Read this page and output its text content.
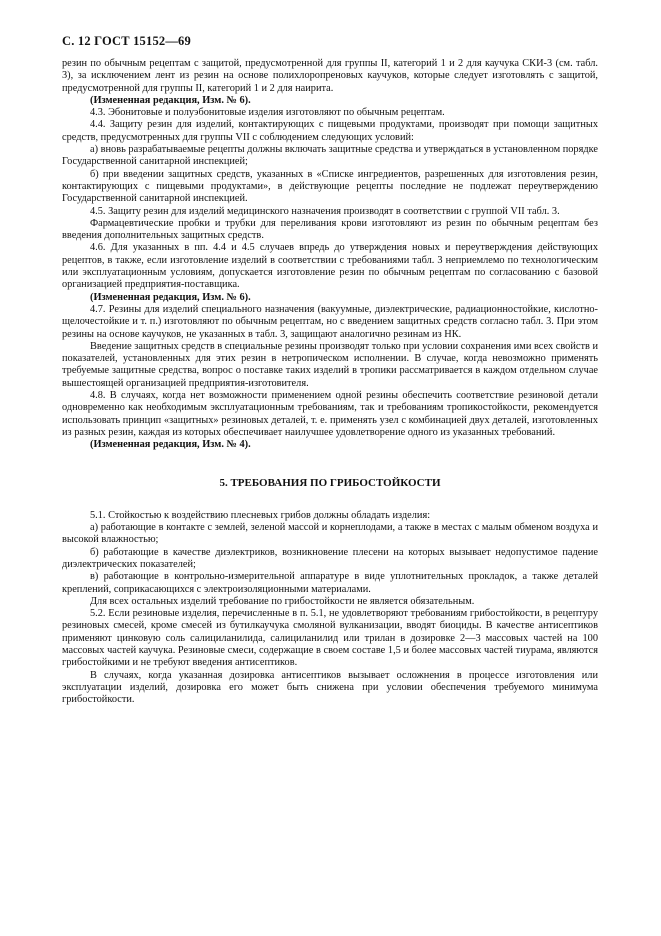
С. 12 ГОСТ 15152—69

резин по обычным рецептам с защитой, предусмотренной для группы II, категорий 1 и 2 для каучука СКИ-3 (см. табл. 3), за исключением лент из резин на основе полихлоропреновых каучуков, которые следует изготовлять с защитой, предусмотренной для группы II, категорий 1 и 2 для наирита.

(Измененная редакция, Изм. № 6).

4.3. Эбонитовые и полуэбонитовые изделия изготовляют по обычным рецептам.

4.4. Защиту резин для изделий, контактирующих с пищевыми продуктами, производят при помощи защитных средств, предусмотренных для группы VII с соблюдением следующих условий:

а) вновь разрабатываемые рецепты должны включать защитные средства и утверждаться в установленном порядке Государственной санитарной инспекцией;

б) при введении защитных средств, указанных в «Списке ингредиентов, разрешенных для изготовления резин, контактирующих с пищевыми продуктами», в действующие рецепты последние не подлежат переутверждению Государственной санитарной инспекцией.

4.5. Защиту резин для изделий медицинского назначения производят в соответствии с группой VII табл. 3.

Фармацевтические пробки и трубки для переливания крови изготовляют из резин по обычным рецептам без введения дополнительных защитных средств.

4.6. Для указанных в пп. 4.4 и 4.5 случаев впредь до утверждения новых и переутверждения действующих рецептов, в также, если изготовление изделий в соответствии с требованиями табл. 3 неприемлемо по технологическим или эксплуатационным условиям, допускается изготовление резин по обычным рецептам по согласованию с базовой организацией предприятия-поставщика.

(Измененная редакция, Изм. № 6).

4.7. Резины для изделий специального назначения (вакуумные, диэлектрические, радиационностойкие, кислотно-щелочестойкие и т. п.) изготовляют по обычным рецептам, но с введением защитных средств согласно табл. 3. При этом резины на основе каучуков, не указанных в табл. 3, защищают аналогично резинам из НК.

Введение защитных средств в специальные резины производят только при условии сохранения ими всех свойств и показателей, установленных для этих резин в нетропическом исполнении. В случае, когда невозможно применять требуемые защитные средства, вопрос о поставке таких изделий в тропики рассматривается в каждом отдельном случае вышестоящей организацией предприятия-изготовителя.

4.8. В случаях, когда нет возможности применением одной резины обеспечить соответствие резиновой детали одновременно как необходимым эксплуатационным требованиям, так и требованиям тропикостойкости, рекомендуется использовать принцип «защитных» резиновых деталей, т. е. применять узел с комбинацией двух деталей, изготовленных из разных резин, каждая из которых обеспечивает наилучшее удовлетворение одного из указанных требований.

(Измененная редакция, Изм. № 4).

5. ТРЕБОВАНИЯ ПО ГРИБОСТОЙКОСТИ

5.1. Стойкостью к воздействию плесневых грибов должны обладать изделия:

а) работающие в контакте с землей, зеленой массой и корнеплодами, а также в местах с малым обменом воздуха и высокой влажностью;

б) работающие в качестве диэлектриков, возникновение плесени на которых вызывает недопустимое падение диэлектрических показателей;

в) работающие в контрольно-измерительной аппаратуре в виде уплотнительных прокладок, а также деталей креплений, соприкасающихся с электроизоляционными материалами.

Для всех остальных изделий требование по грибостойкости не является обязательным.

5.2. Если резиновые изделия, перечисленные в п. 5.1, не удовлетворяют требованиям грибостойкости, в рецептуру резиновых смесей, кроме смесей из бутилкаучука смоляной вулканизации, вводят биоциды. В качестве антисептиков применяют цинковую соль салициланилида, салициланилид или трилан в дозировке 2—3 массовых частей на 100 массовых частей каучука. Резиновые смеси, содержащие в своем составе 1,5 и более массовых частей тиурама, являются грибостойкими и не требуют введения антисептиков.

В случаях, когда указанная дозировка антисептиков вызывает осложнения в процессе изготовления или эксплуатации изделий, дозировка его может быть снижена при условии обеспечения требуемого минимума грибостойкости.
